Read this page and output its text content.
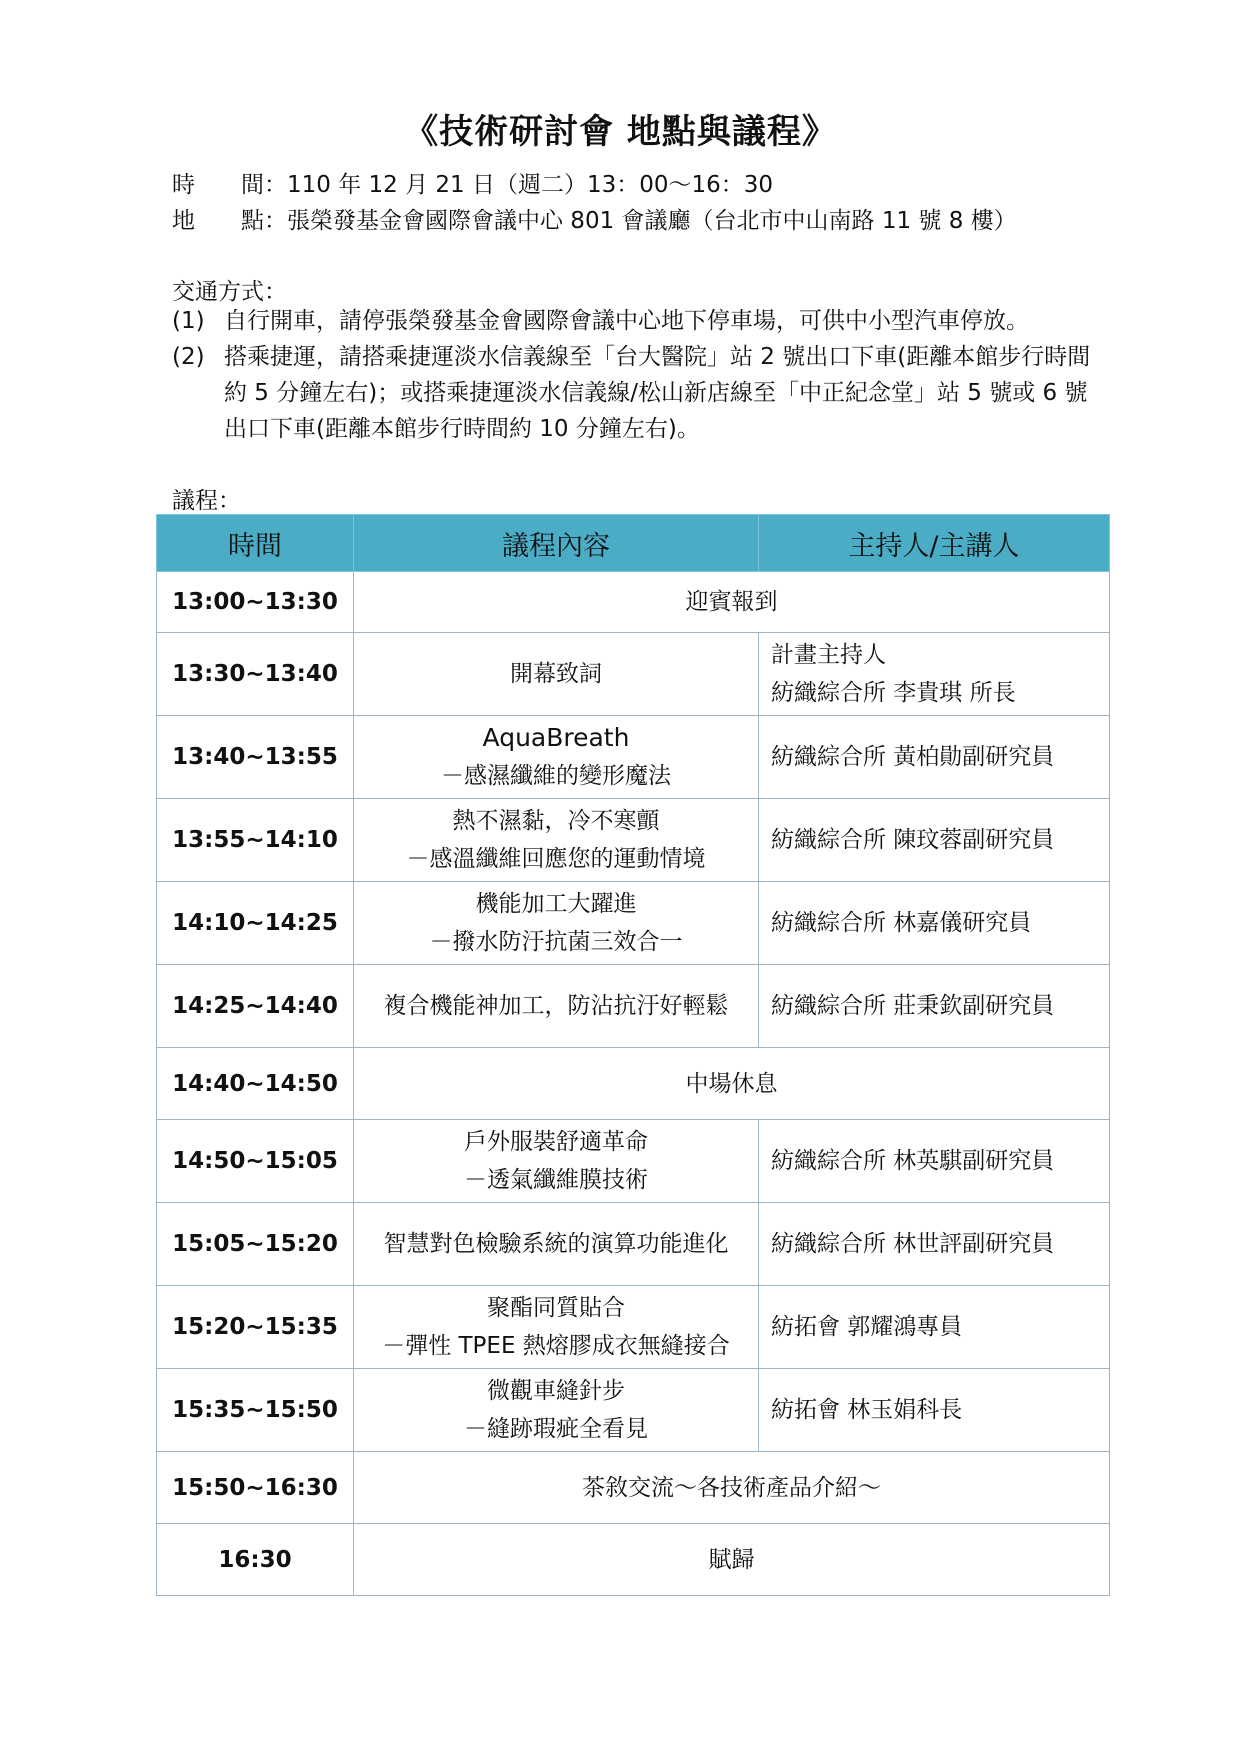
《技術研討會 地點與議程》
時　　間：110 年 12 月 21 日（週二）13：00～16：30
地　　點：張榮發基金會國際會議中心 801 會議廳（台北市中山南路 11 號 8 樓）
交通方式：
(1) 自行開車，請停張榮發基金會國際會議中心地下停車場，可供中小型汽車停放。
(2) 搭乘捷運，請搭乘捷運淡水信義線至「台大醫院」站 2 號出口下車(距離本館步行時間約 5 分鐘左右)；或搭乘捷運淡水信義線/松山新店線至「中正紀念堂」站 5 號或 6 號出口下車(距離本館步行時間約 10 分鐘左右)。
議程：
時間	議程內容	主持人/主講人
13:00~13:30	迎賓報到	
13:30~13:40	開幕致詞	計畫主持人
紡織綜合所 李貴琪 所長

13:40~13:55	AquaBreath
－感濕纖維的變形魔法	紡織綜合所 黃柏勛副研究員
13:55~14:10	熱不濕黏，冷不寒顫
－感溫纖維回應您的運動情境	紡織綜合所 陳玟蓉副研究員
14:10~14:25	機能加工大躍進
－撥水防汙抗菌三效合一	紡織綜合所 林嘉儀研究員
14:25~14:40	複合機能神加工，防沾抗汙好輕鬆	紡織綜合所 莊秉欽副研究員
14:40~14:50	中場休息	
14:50~15:05	戶外服裝舒適革命
－透氣纖維膜技術	紡織綜合所 林英騏副研究員
15:05~15:20	智慧對色檢驗系統的演算功能進化	紡織綜合所 林世評副研究員
15:20~15:35	聚酯同質貼合
－彈性 TPEE 熱熔膠成衣無縫接合	紡拓會 郭耀鴻專員
15:35~15:50	微觀車縫針步
－縫跡瑕疵全看見	紡拓會 林玉娟科長
15:50~16:30	茶敘交流～各技術產品介紹～	
16:30	賦歸	
